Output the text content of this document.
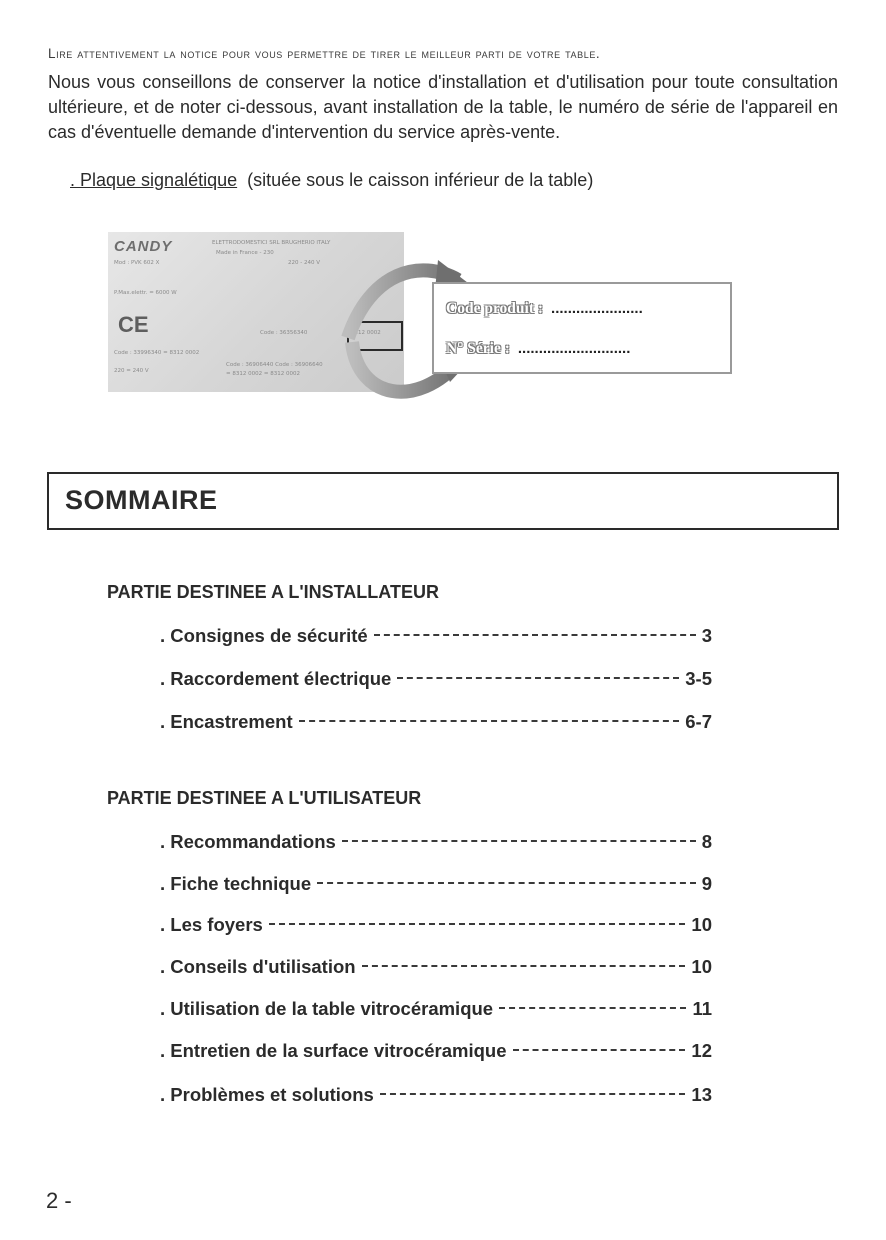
Lire attentivement la notice pour vous permettre de tirer le meilleur parti de votre table.
Nous vous conseillons de conserver la notice d'installation et d'utilisation pour toute consultation ultérieure, et de noter ci-dessous, avant installation de la table, le numéro de série de l'appareil en cas d'éventuelle demande d'intervention du service après-vente.
. Plaque signalétique (située sous le caisson inférieur de la table)
CANDY	ELETTRODOMESTICI SRL BRUGHERIO ITALY
Made in France - 230
220 - 240 V
Mod : PVK 602 X
P.Max.elettr. = 6000 W
CE	Code : 36356340	8312 0002
Code : 33996340 = 8312 0002
220 = 240 V
Code : 36906440 Code : 36906640
= 8312 0002 = 8312 0002
Code produit : ......................
N° Série : ...........................
SOMMAIRE
PARTIE DESTINEE A L'INSTALLATEUR
. Consignes de sécurité	3
. Raccordement électrique	3-5
. Encastrement	6-7
PARTIE DESTINEE A L'UTILISATEUR
. Recommandations	8
. Fiche technique	9
. Les foyers	10
. Conseils d'utilisation	10
. Utilisation de la table vitrocéramique	11
. Entretien de la surface vitrocéramique	12
. Problèmes et solutions	13
2 -
